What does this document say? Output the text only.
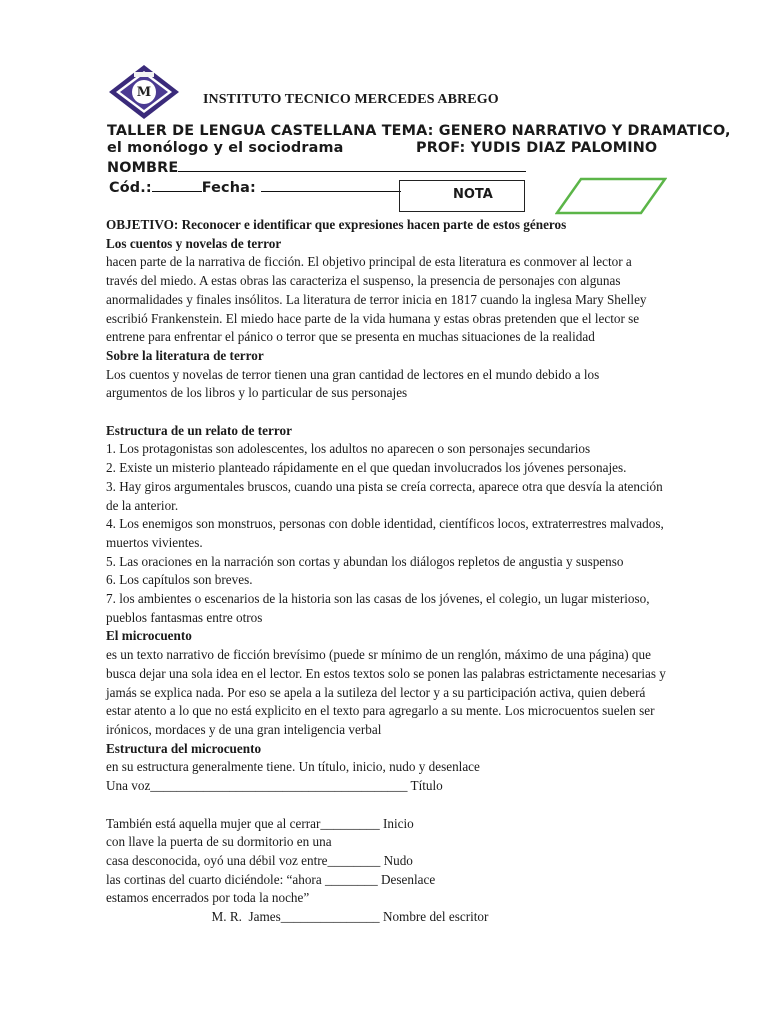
M	INSTITUTO TECNICO MERCEDES ABREGO
TALLER DE LENGUA CASTELLANA TEMA: GENERO NARRATIVO Y DRAMATICO,
el monólogo y el sociodrama	PROF: YUDIS DIAZ PALOMINO
NOMBRE
Cód.:	Fecha:	NOTA

OBJETIVO: Reconocer e identificar que expresiones hacen parte de estos géneros

Los cuentos y novelas de terror

hacen parte de la narrativa de ficción. El objetivo principal de esta literatura es conmover al lector a

través del miedo. A estas obras las caracteriza el suspenso, la presencia de personajes con algunas

anormalidades y finales insólitos. La literatura de terror inicia en 1817 cuando la inglesa Mary Shelley

escribió Frankenstein. El miedo hace parte de la vida humana y estas obras pretenden que el lector se

entrene para enfrentar el pánico o terror que se presenta en muchas situaciones de la realidad

Sobre la literatura de terror

Los cuentos y novelas de terror tienen una gran cantidad de lectores en el mundo debido a los

argumentos de los libros y lo particular de sus personajes

Estructura de un relato de terror

1. Los protagonistas son adolescentes, los adultos no aparecen o son personajes secundarios

2. Existe un misterio planteado rápidamente en el que quedan involucrados los jóvenes personajes.

3. Hay giros argumentales bruscos, cuando una pista se creía correcta, aparece otra que desvía la atención

de la anterior.

4. Los enemigos son monstruos, personas con doble identidad, científicos locos, extraterrestres malvados,

muertos vivientes.

5. Las oraciones en la narración son cortas y abundan los diálogos repletos de angustia y suspenso

6. Los capítulos son breves.

7. los ambientes o escenarios de la historia son las casas de los jóvenes, el colegio, un lugar misterioso,

pueblos fantasmas entre otros

El microcuento

es un texto narrativo de ficción brevísimo (puede sr mínimo de un renglón, máximo de una página) que

busca dejar una sola idea en el lector. En estos textos solo se ponen las palabras estrictamente necesarias y

jamás se explica nada. Por eso se apela a la sutileza del lector y a su participación activa, quien deberá

estar atento a lo que no está explicito en el texto para agregarlo a su mente. Los microcuentos suelen ser

irónicos, mordaces y de una gran inteligencia verbal

Estructura del microcuento

en su estructura generalmente tiene. Un título, inicio, nudo y desenlace

Una voz_______________________________________ Título

También está aquella mujer que al cerrar_________ Inicio

con llave la puerta de su dormitorio en una

casa desconocida, oyó una débil voz entre________ Nudo

las cortinas del cuarto diciéndole: “ahora ________ Desenlace

estamos encerrados por toda la noche”

M. R.  James_______________ Nombre del escritor
